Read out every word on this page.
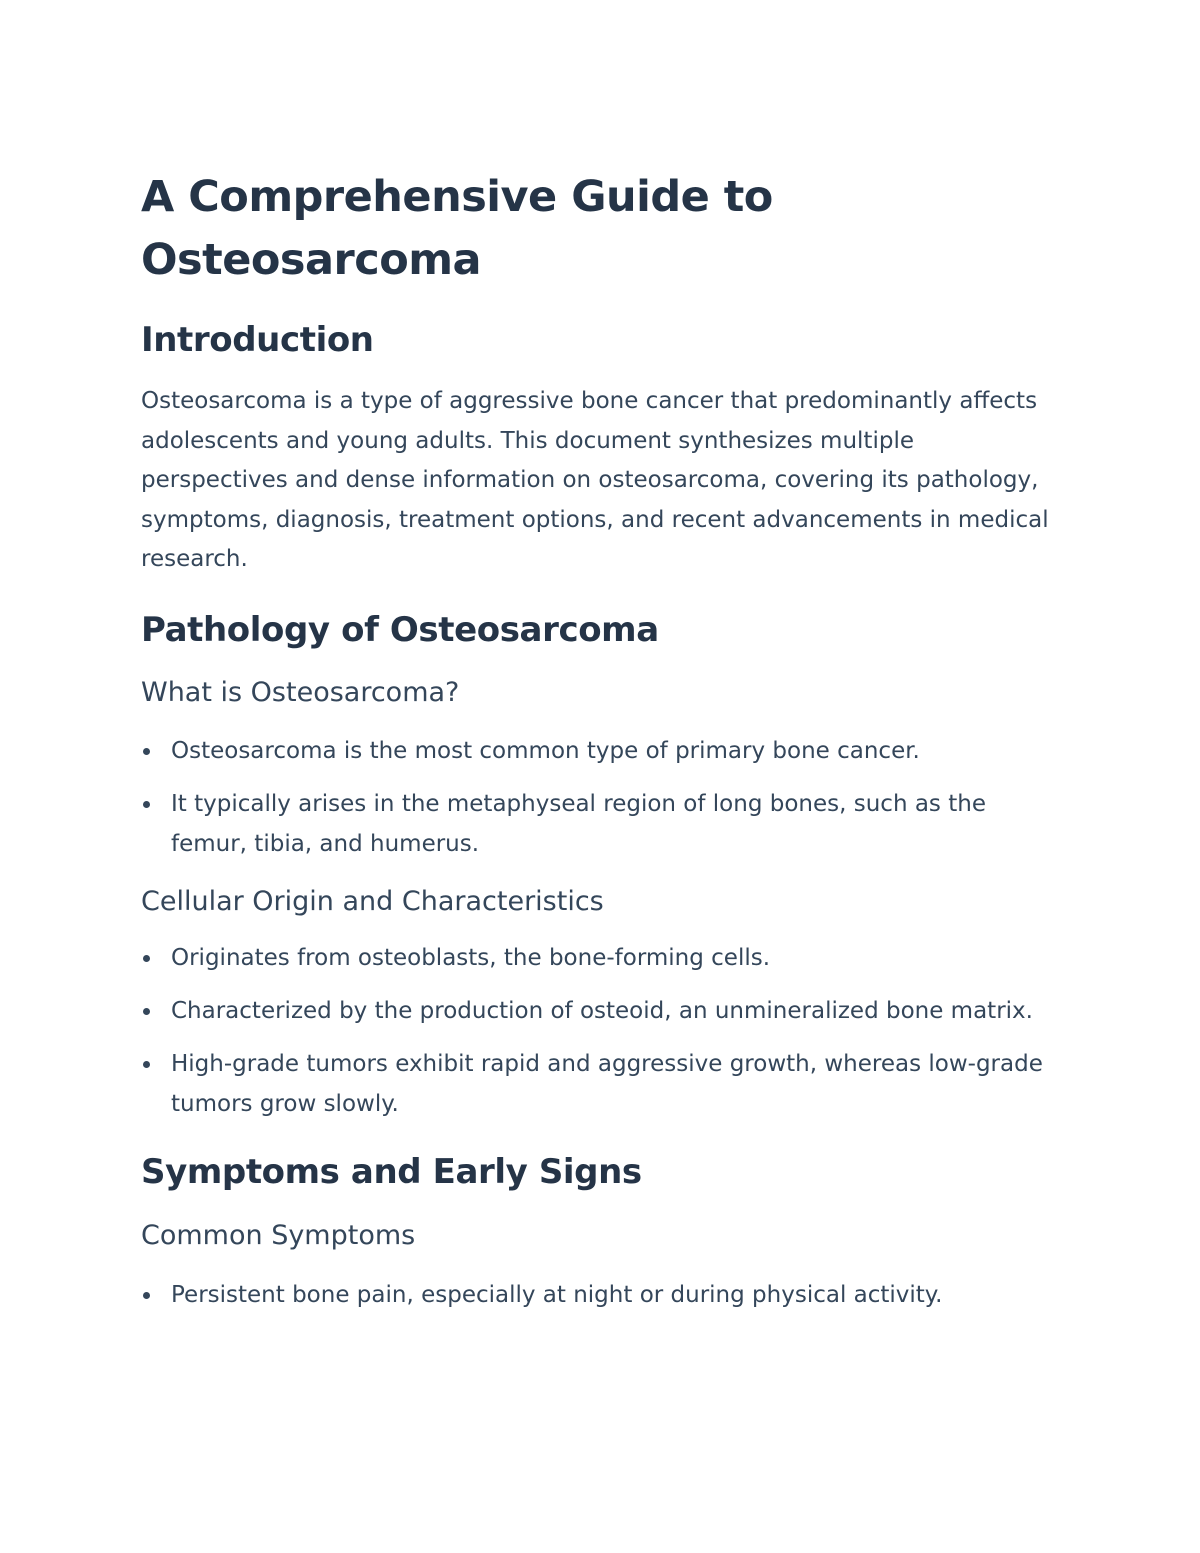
A Comprehensive Guide to Osteosarcoma
Introduction

Osteosarcoma is a type of aggressive bone cancer that predominantly affects adolescents and young adults. This document synthesizes multiple perspectives and dense information on osteosarcoma, covering its pathology, symptoms, diagnosis, treatment options, and recent advancements in medical research.

Pathology of Osteosarcoma
What is Osteosarcoma?
Osteosarcoma is the most common type of primary bone cancer.
It typically arises in the metaphyseal region of long bones, such as the femur, tibia, and humerus.
Cellular Origin and Characteristics
Originates from osteoblasts, the bone-forming cells.
Characterized by the production of osteoid, an unmineralized bone matrix.
High-grade tumors exhibit rapid and aggressive growth, whereas low-grade tumors grow slowly.
Symptoms and Early Signs
Common Symptoms
Persistent bone pain, especially at night or during physical activity.
